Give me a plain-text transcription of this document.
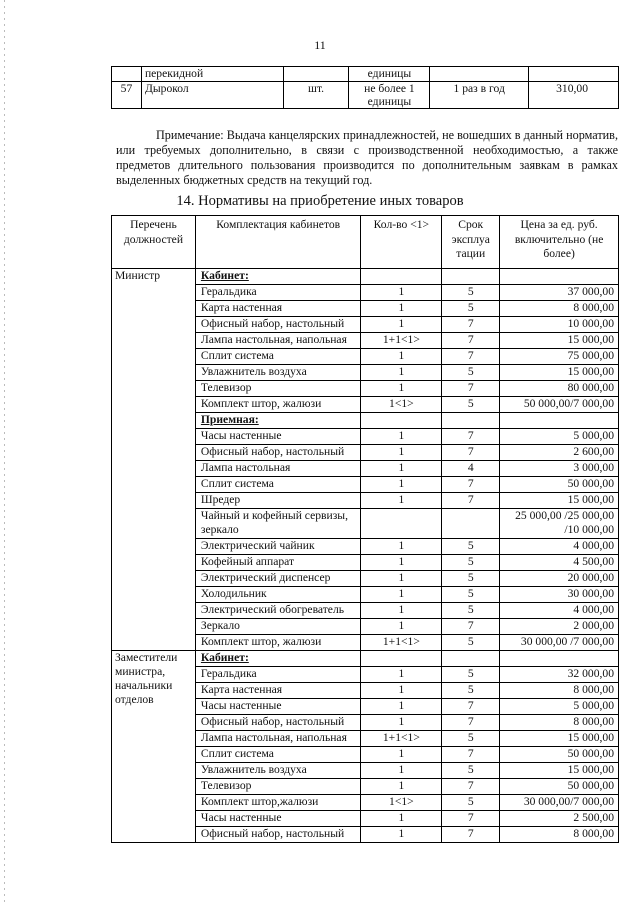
11
	перекидной		единицы		
57	Дырокол	шт.	не более 1 единицы	1 раз в год	310,00

Примечание: Выдача канцелярских принадлежностей, не вошедших в данный норматив, или требуемых дополнительно, в связи с производственной необходимостью, а также предметов длительного пользования производится по дополнительным заявкам в рамках выделенных бюджетных средств на текущий год.

14. Нормативы на приобретение иных товаров
Перечень должностей	Комплектация кабинетов	Кол-во <1>	Срок эксплуа тации	Цена за ед. руб. включительно (не более)
Министр	Кабинет:			
	Геральдика	1	5	37 000,00
	Карта настенная	1	5	8 000,00
	Офисный набор, настольный	1	7	10 000,00
	Лампа настольная, напольная	1+1<1>	7	15 000,00
	Сплит система	1	7	75 000,00
	Увлажнитель воздуха	1	5	15 000,00
	Телевизор	1	7	80 000,00
	Комплект штор, жалюзи	1<1>	5	50 000,00/7 000,00
	Приемная:			
	Часы настенные	1	7	5 000,00
	Офисный набор, настольный	1	7	2 600,00
	Лампа настольная	1	4	3 000,00
	Сплит система	1	7	50 000,00
	Шредер	1	7	15 000,00
	Чайный и кофейный сервизы, зеркало			25 000,00 /25 000,00 /10 000,00
	Электрический чайник	1	5	4 000,00
	Кофейный аппарат	1	5	4 500,00
	Электрический диспенсер	1	5	20 000,00
	Холодильник	1	5	30 000,00
	Электрический обогреватель	1	5	4 000,00
	Зеркало	1	7	2 000,00
	Комплект штор, жалюзи	1+1<1>	5	30 000,00 /7 000,00
Заместители министра, начальники отделов	Кабинет:			
	Геральдика	1	5	32 000,00
	Карта настенная	1	5	8 000,00
	Часы настенные	1	7	5 000,00
	Офисный набор, настольный	1	7	8 000,00
	Лампа настольная, напольная	1+1<1>	5	15 000,00
	Сплит система	1	7	50 000,00
	Увлажнитель воздуха	1	5	15 000,00
	Телевизор	1	7	50 000,00
	Комплект штор,жалюзи	1<1>	5	30 000,00/7 000,00
	Часы настенные	1	7	2 500,00
	Офисный набор, настольный	1	7	8 000,00
